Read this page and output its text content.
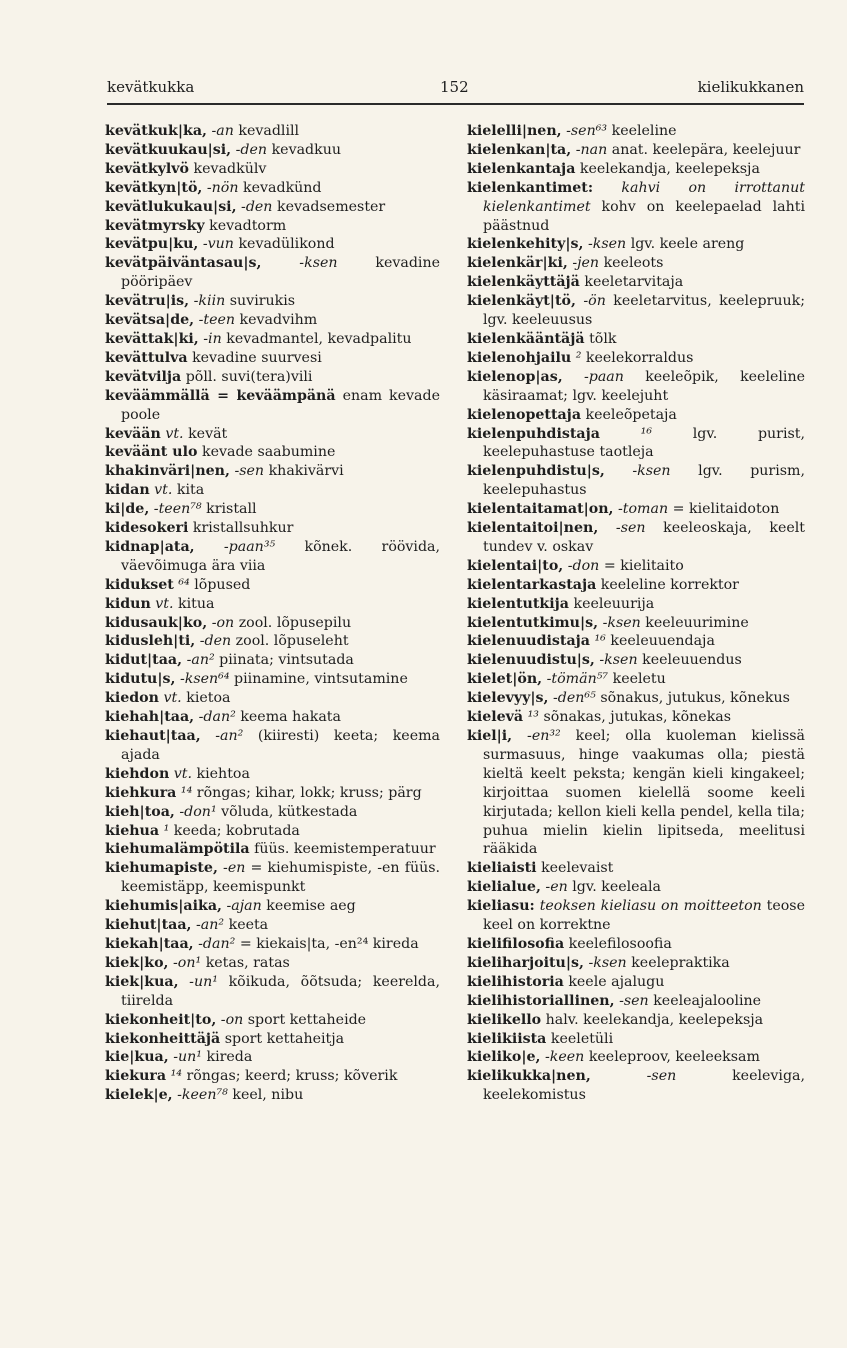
kevätkukka	152	kielikukkanen
kevätkuk|ka, -an kevadlill
kevätkuukau|si, -den kevadkuu
kevätkylvö kevadkülv
kevätkyn|tö, -nön kevadkünd
kevätlukukau|si, -den kevadsemester
kevätmyrsky kevadtorm
kevätpu|ku, -vun kevadülikond
kevätpäiväntasau|s,	-ksen	kevadine pööripäev
kevätru|is, -kiin suvirukis
kevätsa|de, -teen kevadvihm
kevättak|ki, -in kevadmantel, kevadpalitu
kevättulva kevadine suurvesi
kevätvilja põll. suvi(tera)vili
keväämmällä = keväämpänä enam kevade poole
kevään vt. kevät
keväänt ulo kevade saabumine
khakinväri|nen, -sen khakivärvi
kidan vt. kita
ki|de, -teen⁷⁸ kristall
kidesokeri kristallsuhkur
kidnap|ata, -paan³⁵ kõnek. röövida, väevõimuga ära viia
kidukset ⁶⁴ lõpused
kidun vt. kitua
kidusauk|ko, -on zool. lõpusepilu
kidusleh|ti, -den zool. lõpuseleht
kidut|taa, -an² piinata; vintsutada
kidutu|s, -ksen⁶⁴ piinamine, vintsutamine
kiedon vt. kietoa
kiehah|taa, -dan² keema hakata
kiehaut|taa, -an² (kiiresti) keeta; keema ajada
kiehdon vt. kiehtoa
kiehkura ¹⁴ rõngas; kihar, lokk; kruss; pärg
kieh|toa, -don¹ võluda, kütkestada
kiehua ¹ keeda; kobrutada
kiehumalämpötila füüs. keemistemperatuur
kiehumapiste, -en = kiehumispiste, -en füüs. keemistäpp, keemispunkt
kiehumis|aika, -ajan keemise aeg
kiehut|taa, -an² keeta
kiekah|taa, -dan² = kiekais|ta, -en²⁴ kireda
kiek|ko, -on¹ ketas, ratas
kiek|kua, -un¹ kõikuda, õõtsuda; keerelda, tiirelda
kiekonheit|to, -on sport kettaheide
kiekonheittäjä sport kettaheitja
kie|kua, -un¹ kireda
kiekura ¹⁴ rõngas; keerd; kruss; kõverik
kielek|e, -keen⁷⁸ keel, nibu
kielelli|nen, -sen⁶³ keeleline
kielenkan|ta, -nan anat. keelepära, keelejuur
kielenkantaja keelekandja, keelepeksja
kielenkantimet: kahvi on irrottanut kielenkantimet kohv on keelepaelad lahti päästnud
kielenkehity|s, -ksen lgv. keele areng
kielenkär|ki, -jen keeleots
kielenkäyttäjä keeletarvitaja
kielenkäyt|tö, -ön keeletarvitus, keelepruuk; lgv. keeleuusus
kielenkääntäjä tõlk
kielenohjailu ² keelekorraldus
kielenop|as, -paan keeleõpik, keeleline käsiraamat; lgv. keelejuht
kielenopettaja keeleõpetaja
kielenpuhdistaja	¹⁶	lgv. purist, keelepuhastuse taotleja
kielenpuhdistu|s, -ksen lgv. purism, keelepuhastus
kielentaitamat|on, -toman = kielitaidoton
kielentaitoi|nen, -sen keeleoskaja, keelt tundev v. oskav
kielentai|to, -don = kielitaito
kielentarkastaja keeleline korrektor
kielentutkija keeleuurija
kielentutkimu|s, -ksen keeleuurimine
kielenuudistaja ¹⁶ keeleuuendaja
kielenuudistu|s, -ksen keeleuuendus
kielet|ön, -tömän⁵⁷ keeletu
kielevyy|s, -den⁶⁵ sõnakus, jutukus, kõnekus
kielevä ¹³ sõnakas, jutukas, kõnekas
kiel|i, -en³² keel; olla kuoleman kielissä surmasuus, hinge vaakumas olla; piestä kieltä keelt peksta; kengän kieli kingakeel; kirjoittaa suomen kielellä soome keeli kirjutada; kellon kieli kella pendel, kella tila; puhua mielin kielin lipitseda, meelitusi rääkida
kieliaisti keelevaist
kielialue, -en lgv. keeleala
kieliasu: teoksen kieliasu on moitteeton teose keel on korrektne
kielifilosofia keelefilosoofia
kieliharjoitu|s, -ksen keelepraktika
kielihistoria keele ajalugu
kielihistoriallinen, -sen keeleajalooline
kielikello halv. keelekandja, keelepeksja
kielikiista keeletüli
kieliko|e, -keen keeleproov, keeleeksam
kielikukka|nen,	-sen	keeleviga, keelekomistus
